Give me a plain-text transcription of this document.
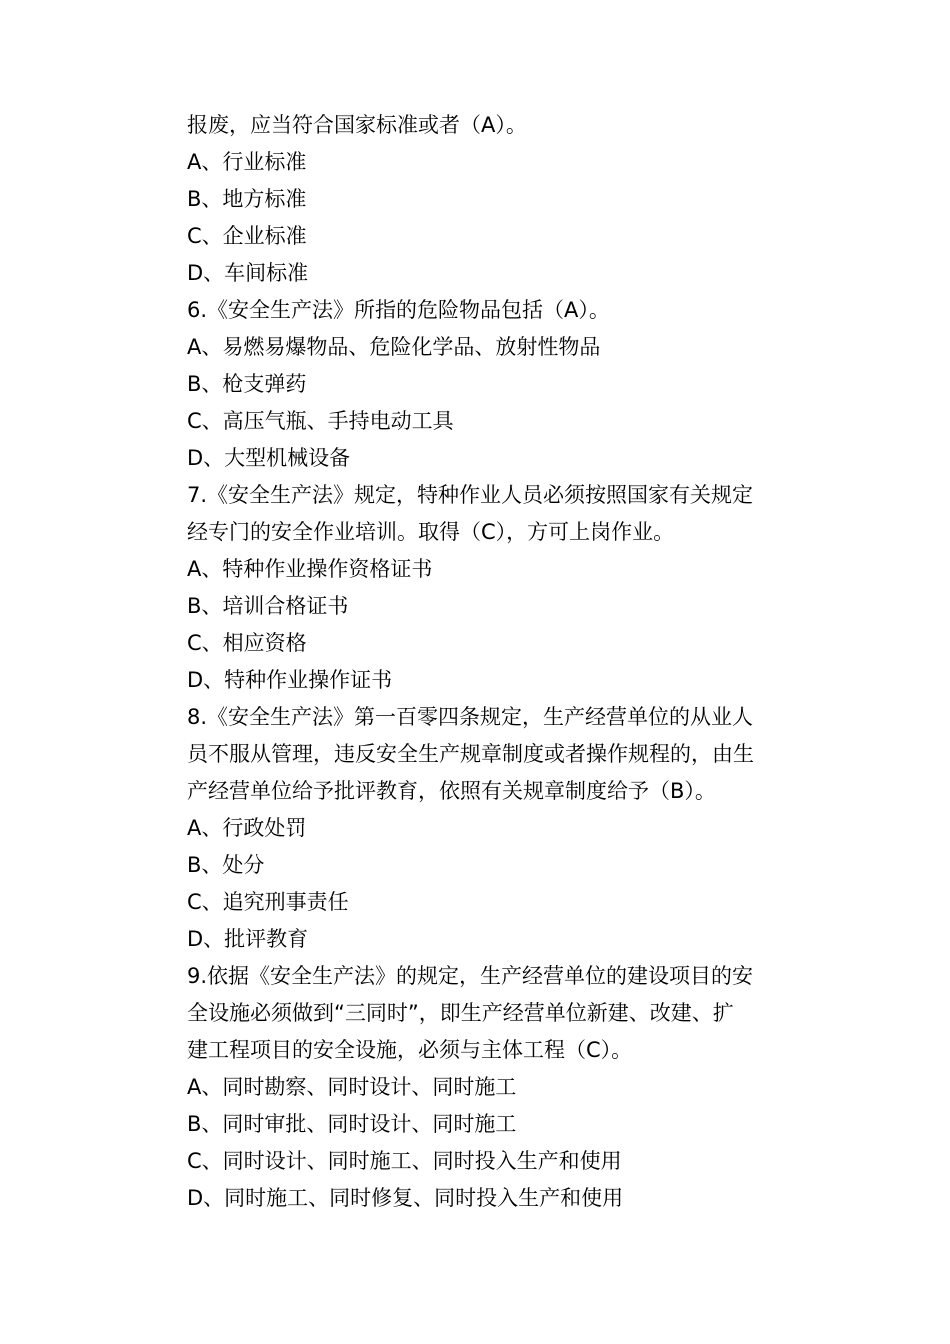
报废，应当符合国家标准或者（A）。
A、行业标准
B、地方标准
C、企业标准
D、车间标准
6.《安全生产法》所指的危险物品包括（A）。
A、易燃易爆物品、危险化学品、放射性物品
B、枪支弹药
C、高压气瓶、手持电动工具
D、大型机械设备
7.《安全生产法》规定，特种作业人员必须按照国家有关规定
经专门的安全作业培训。取得（C），方可上岗作业。
A、特种作业操作资格证书
B、培训合格证书
C、相应资格
D、特种作业操作证书
8.《安全生产法》第一百零四条规定，生产经营单位的从业人
员不服从管理，违反安全生产规章制度或者操作规程的，由生
产经营单位给予批评教育，依照有关规章制度给予（B）。
A、行政处罚
B、处分
C、追究刑事责任
D、批评教育
9.依据《安全生产法》的规定，生产经营单位的建设项目的安
全设施必须做到“三同时”，即生产经营单位新建、改建、扩
建工程项目的安全设施，必须与主体工程（C）。
A、同时勘察、同时设计、同时施工
B、同时审批、同时设计、同时施工
C、同时设计、同时施工、同时投入生产和使用
D、同时施工、同时修复、同时投入生产和使用
